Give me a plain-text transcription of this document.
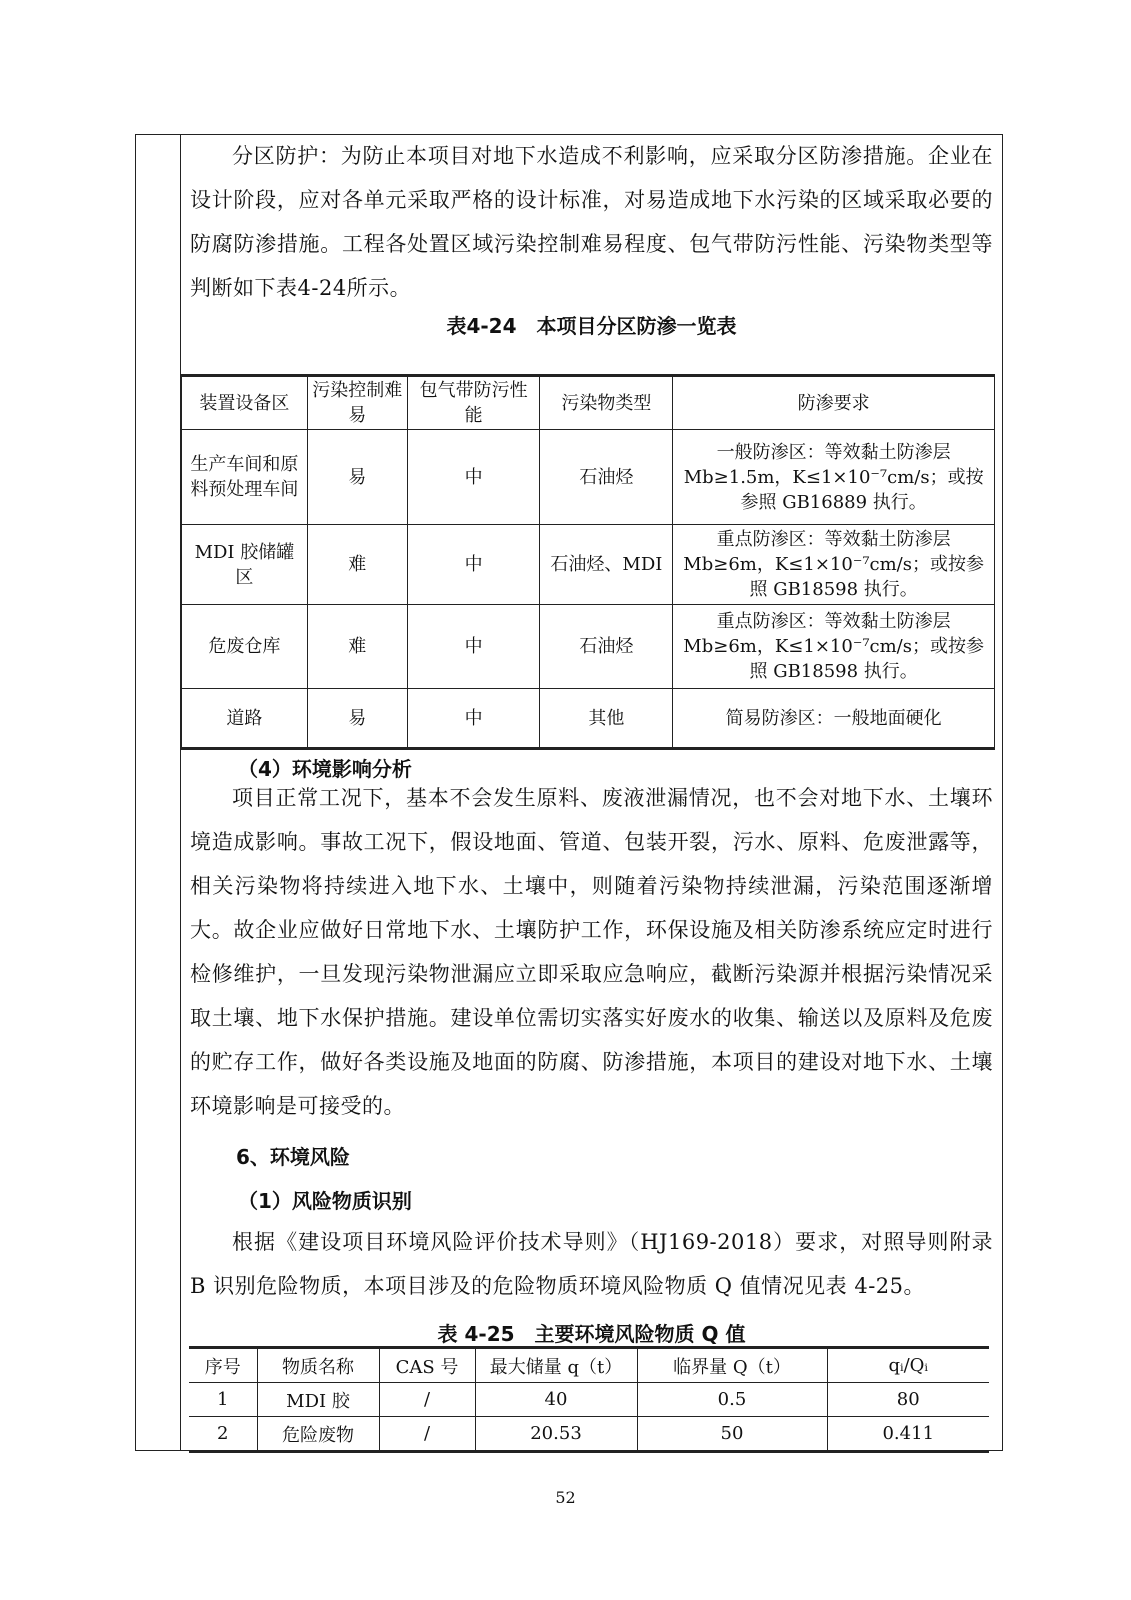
分区防护：为防止本项目对地下水造成不利影响，应采取分区防渗措施。企业在设计阶段，应对各单元采取严格的设计标准，对易造成地下水污染的区域采取必要的防腐防渗措施。工程各处置区域污染控制难易程度、包气带防污性能、污染物类型等判断如下表4-24所示。

表4-24　本项目分区防渗一览表
装置设备区	污染控制难易	包气带防污性能	污染物类型	防渗要求
生产车间和原料预处理车间	易	中	石油烃	一般防渗区：等效黏土防渗层 Mb≥1.5m，K≤1×10⁻⁷cm/s；或按参照 GB16889 执行。
MDI 胶储罐区	难	中	石油烃、MDI	重点防渗区：等效黏土防渗层 Mb≥6m，K≤1×10⁻⁷cm/s；或按参照 GB18598 执行。
危废仓库	难	中	石油烃	重点防渗区：等效黏土防渗层 Mb≥6m，K≤1×10⁻⁷cm/s；或按参照 GB18598 执行。
道路	易	中	其他	简易防渗区：一般地面硬化
（4）环境影响分析

项目正常工况下，基本不会发生原料、废液泄漏情况，也不会对地下水、土壤环境造成影响。事故工况下，假设地面、管道、包装开裂，污水、原料、危废泄露等，相关污染物将持续进入地下水、土壤中，则随着污染物持续泄漏，污染范围逐渐增大。故企业应做好日常地下水、土壤防护工作，环保设施及相关防渗系统应定时进行检修维护，一旦发现污染物泄漏应立即采取应急响应，截断污染源并根据污染情况采取土壤、地下水保护措施。建设单位需切实落实好废水的收集、输送以及原料及危废的贮存工作，做好各类设施及地面的防腐、防渗措施，本项目的建设对地下水、土壤环境影响是可接受的。

6、环境风险
（1）风险物质识别

根据《建设项目环境风险评价技术导则》（HJ169-2018）要求，对照导则附录B 识别危险物质，本项目涉及的危险物质环境风险物质 Q 值情况见表 4-25。

表 4-25　主要环境风险物质 Q 值
序号	物质名称	CAS 号	最大储量 q（t）	临界量 Q（t）	qᵢ/Qᵢ
1	MDI 胶	/	40	0.5	80
2	危险废物	/	20.53	50	0.411
52
